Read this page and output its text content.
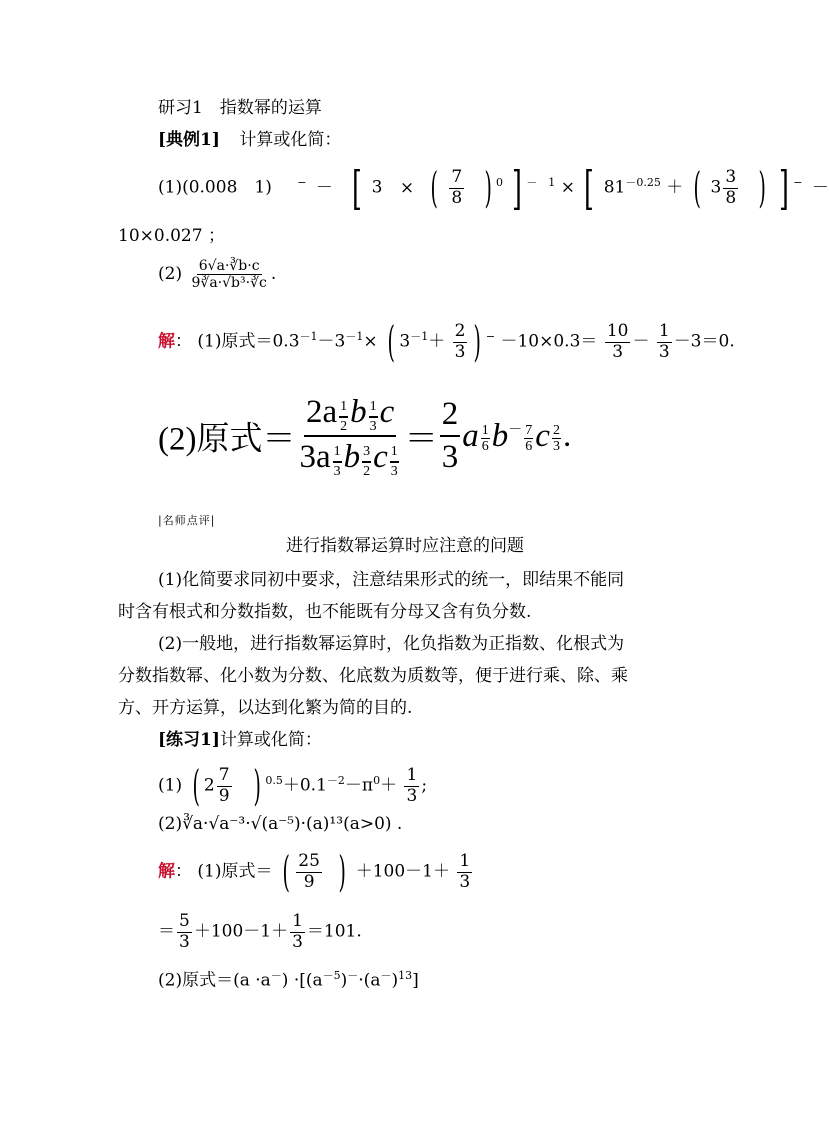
研习1　指数幂的运算
[典例1] 计算或化简：
(1)(0.008　1) − － [ 3 × ( $\frac{7}{8}$ ) $^0$ ] $^{- 1}$ × [ $81^{-0.25}$ ＋ ( $3 \frac{3}{8}$ ) ] − －
10×0.027 ；
$(2) \frac{6√a\cdot∛b\cdot c}{\text{9∛a·√b³·∛c}}$ .
解： (1)原式$=0.3^{-1}-3^{-1}\times$ ( $3^{-1}+ \frac{2}{3}$ ) $^- -10\times 0.3= \frac{10}{3} - \frac{1}{3} -3=0$.
(2)原式＝ $\frac{2a \frac{1}{2} b \frac{1}{3} c}{3a \frac{1}{3} b \frac{3}{2} c \frac{1}{3}} = \frac{2}{3}$ a $\frac{1}{6} b^- \frac{7}{6}$ c $\frac{2}{3}$ .
|名师点评|
进行指数幂运算时应注意的问题
(1)化简要求同初中要求，注意结果形式的统一，即结果不能同
时含有根式和分数指数，也不能既有分母又含有负分数.
(2)一般地，进行指数幂运算时，化负指数为正指数、化根式为
分数指数幂、化小数为分数、化底数为质数等，便于进行乘、除、乘
方、开方运算，以达到化繁为简的目的.
[练习1]计算或化简：
(1) ( $2 \frac{7}{9}$ ) $^{0.5}+0.1^{-2}-\pi^0+ \frac{1}{3}$ ;
(2)∛a·√a⁻³·√(a⁻⁵)·(a)¹³(a>0) .
解： (1)原式＝ ( $\frac{25}{9}$ ) $+100-1+ \frac{1}{3}$
＝ $\frac{5}{3} +100-1+ \frac{1}{3} =101$.
(2)原式$=(a \cdot a^-) \cdot[(a^{-5})^-\cdot(a^-)^{13}]$
